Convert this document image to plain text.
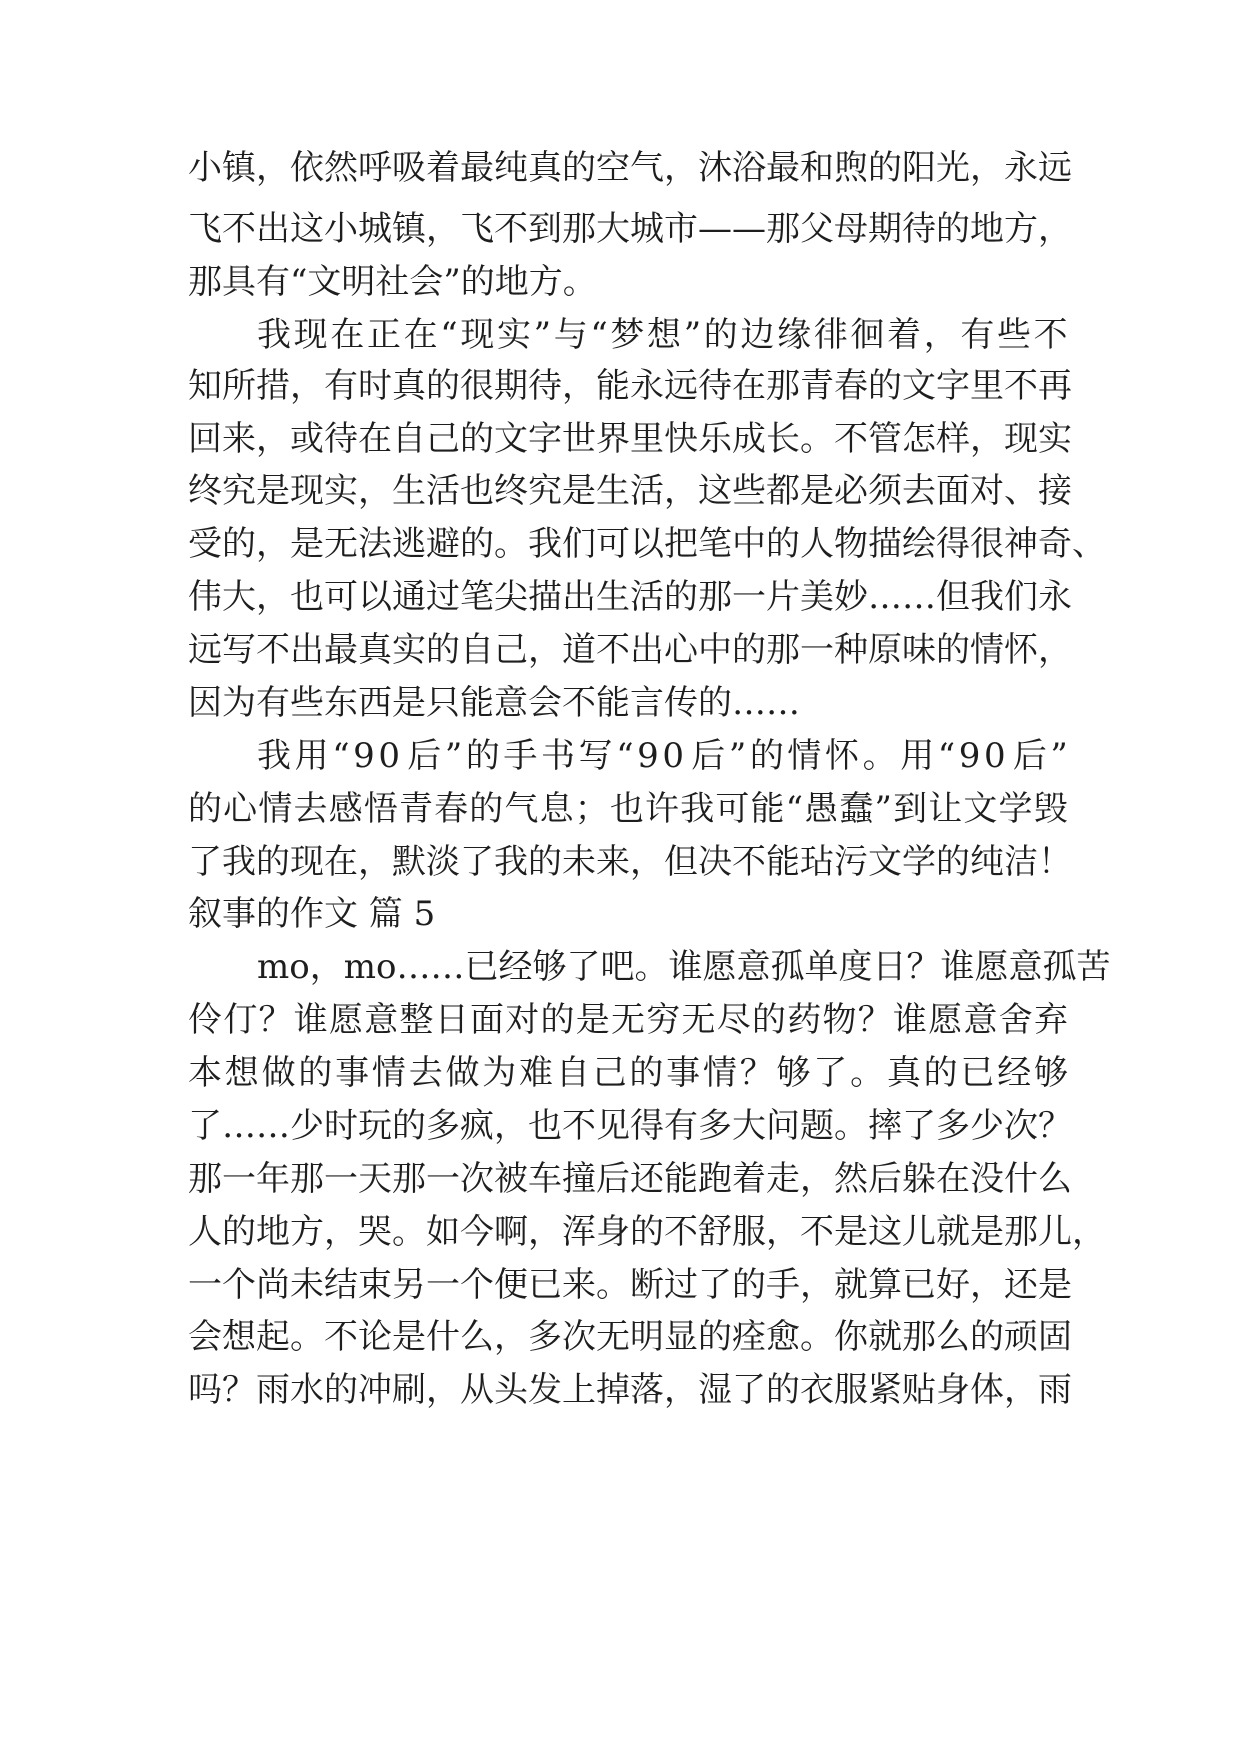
小 镇 ， 依 然 呼 吸 着 最 纯 真 的 空 气 ， 沐 浴 最 和 煦 的 阳 光 ， 永 远

飞 不 出 这 小 城 镇 ， 飞 不 到 那 大 城 市 — — 那 父 母 期 待 的 地 方 ，

那具有“文明社会”的地方。

我 现 在 正 在 “ 现 实 ” 与 “ 梦 想 ” 的 边 缘 徘 徊 着 ， 有 些 不

知 所 措 ， 有 时 真 的 很 期 待 ， 能 永 远 待 在 那 青 春 的 文 字 里 不 再

回 来 ， 或 待 在 自 己 的 文 字 世 界 里 快 乐 成 长 。 不 管 怎 样 ， 现 实

终 究 是 现 实 ， 生 活 也 终 究 是 生 活 ， 这 些 都 是 必 须 去 面 对 、 接

受 的 ， 是 无 法 逃 避 的 。 我 们 可 以 把 笔 中 的 人 物 描 绘 得 很 神 奇 、

伟 大 ， 也 可 以 通 过 笔 尖 描 出 生 活 的 那 一 片 美 妙 … … 但 我 们 永

远 写 不 出 最 真 实 的 自 己 ， 道 不 出 心 中 的 那 一 种 原 味 的 情 怀 ，

因为有些东西是只能意会不能言传的……

我 用 “ 9 0 后 ” 的 手 书 写 “ 9 0 后 ” 的 情 怀 。 用 “ 9 0 后 ”

的 心 情 去 感 悟 青 春 的 气 息 ； 也 许 我 可 能 “ 愚 蠢 ” 到 让 文 学 毁

了 我 的 现 在 ， 默 淡 了 我 的 未 来 ， 但 决 不 能 玷 污 文 学 的 纯 洁 ！

叙事的作文 篇 5

m o ， m o … … 已 经 够 了 吧 。 谁 愿 意 孤 单 度 日 ？ 谁 愿 意 孤 苦

伶 仃 ？ 谁 愿 意 整 日 面 对 的 是 无 穷 无 尽 的 药 物 ？ 谁 愿 意 舍 弃

本 想 做 的 事 情 去 做 为 难 自 己 的 事 情 ？ 够 了 。 真 的 已 经 够

了 … … 少 时 玩 的 多 疯 ， 也 不 见 得 有 多 大 问 题 。 摔 了 多 少 次 ？

那 一 年 那 一 天 那 一 次 被 车 撞 后 还 能 跑 着 走 ， 然 后 躲 在 没 什 么

人 的 地 方 ， 哭 。 如 今 啊 ， 浑 身 的 不 舒 服 ， 不 是 这 儿 就 是 那 儿 ，

一 个 尚 未 结 束 另 一 个 便 已 来 。 断 过 了 的 手 ， 就 算 已 好 ， 还 是

会 想 起 。 不 论 是 什 么 ， 多 次 无 明 显 的 痊 愈 。 你 就 那 么 的 顽 固

吗 ？ 雨 水 的 冲 刷 ， 从 头 发 上 掉 落 ， 湿 了 的 衣 服 紧 贴 身 体 ， 雨
